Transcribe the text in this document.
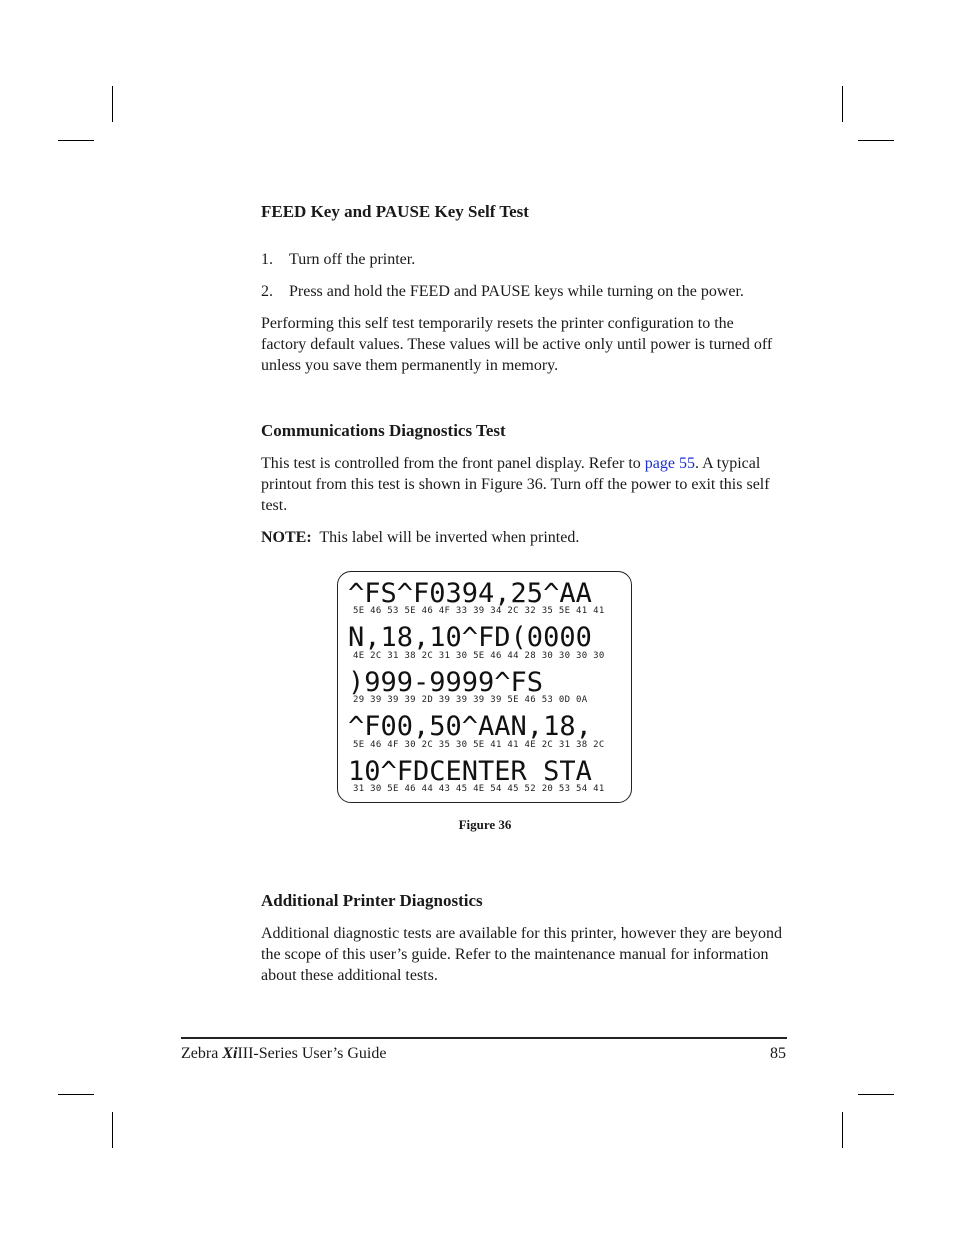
FEED Key and PAUSE Key Self Test
1. Turn off the printer.
2. Press and hold the FEED and PAUSE keys while turning on the power.
Performing this self test temporarily resets the printer configuration to the factory default values. These values will be active only until power is turned off unless you save them permanently in memory.
Communications Diagnostics Test
This test is controlled from the front panel display. Refer to page 55. A typical printout from this test is shown in Figure 36. Turn off the power to exit this self test.
NOTE:  This label will be inverted when printed.
Additional Printer Diagnostics
Additional diagnostic tests are available for this printer, however they are beyond the scope of this user’s guide. Refer to the maintenance manual for information about these additional tests.
^FS^F0394,25^AA
5E 46 53 5E 46 4F 33 39 34 2C 32 35 5E 41 41
N,18,10^FD(0000
4E 2C 31 38 2C 31 30 5E 46 44 28 30 30 30 30
)999-9999^FS
29 39 39 39 2D 39 39 39 39 5E 46 53 0D 0A
^F00,50^AAN,18,
5E 46 4F 30 2C 35 30 5E 41 41 4E 2C 31 38 2C
10^FDCENTER STA
31 30 5E 46 44 43 45 4E 54 45 52 20 53 54 41
Figure 36
Zebra XiIII-Series User’s Guide	85
